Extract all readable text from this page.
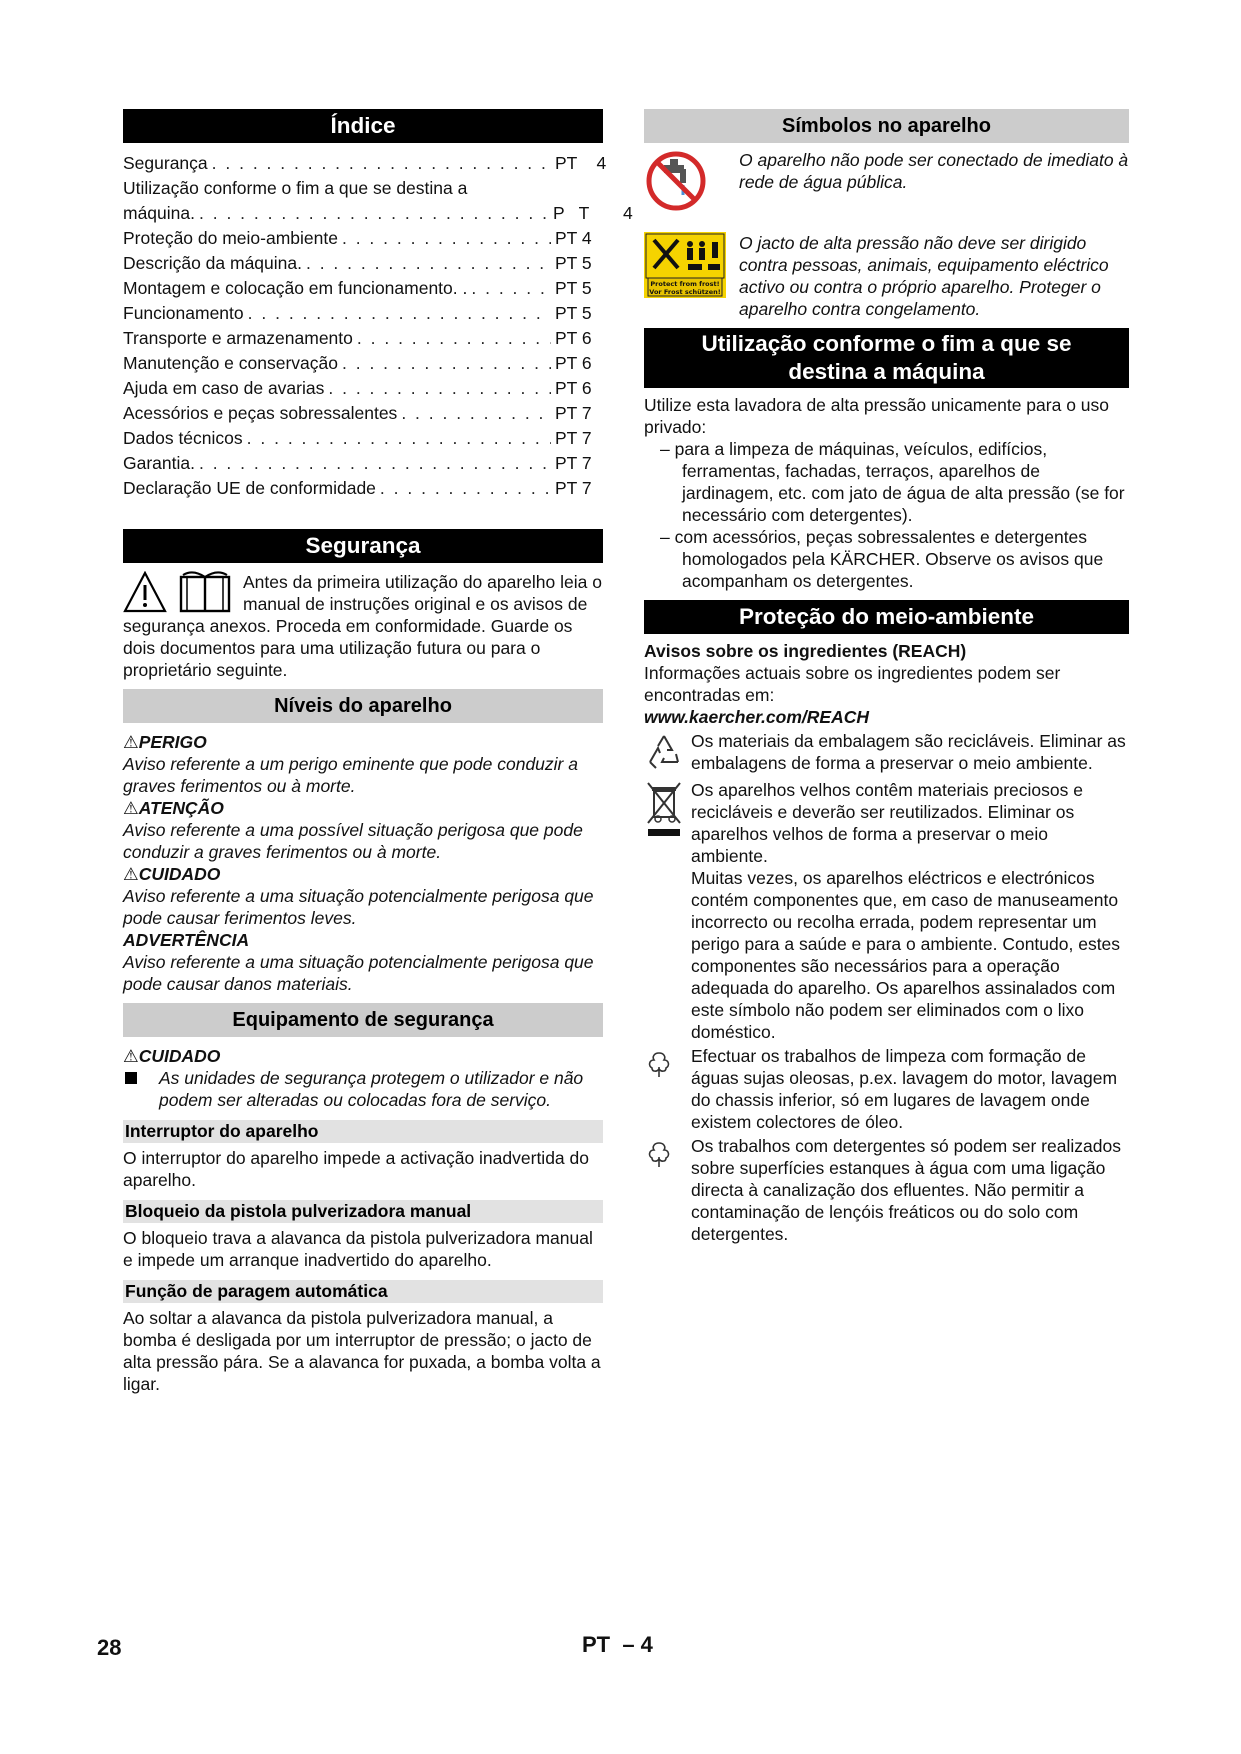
Índice
Segurança . . .	PT    4
Utilização conforme o fim a que se destina a
máquina. . . .	P   T       4
Proteção do meio-ambiente . . .	PT 4
Descrição da máquina. . . .	PT 5
Montagem e colocação em funcionamento. . . . .	PT 5
Funcionamento . . .	PT 5
Transporte e armazenamento . . .	PT 6
Manutenção e conservação . . .	PT 6
Ajuda em caso de avarias . . .	PT 6
Acessórios e peças sobressalentes . . .	PT 7
Dados técnicos . . .	PT 7
Garantia. . . .	PT 7
Declaração UE de conformidade . . .	PT 7
Segurança

Antes da primeira utilização do aparelho leia o manual de instruções original e os avisos de segurança anexos. Proceda em conformidade. Guarde os dois documentos para uma utilização futura ou para o proprietário seguinte.

Níveis do aparelho
⚠PERIGO

Aviso referente a um perigo eminente que pode conduzir a graves ferimentos ou à morte.

⚠ATENÇÃO

Aviso referente a uma possível situação perigosa que pode conduzir a graves ferimentos ou à morte.

⚠CUIDADO

Aviso referente a uma situação potencialmente perigosa que pode causar ferimentos leves.

ADVERTÊNCIA

Aviso referente a uma situação potencialmente perigosa que pode causar danos materiais.

Equipamento de segurança
⚠CUIDADO

As unidades de segurança protegem o utilizador e não podem ser alteradas ou colocadas fora de serviço.

Interruptor do aparelho

O interruptor do aparelho impede a activação inadvertida do aparelho.

Bloqueio da pistola pulverizadora manual

O bloqueio trava a alavanca da pistola pulverizadora manual e impede um arranque inadvertido do aparelho.

Função de paragem automática

Ao soltar a alavanca da pistola pulverizadora manual, a bomba é desligada por um interruptor de pressão; o jacto de alta pressão pára. Se a alavanca for puxada, a bomba volta a ligar.

Símbolos no aparelho

O aparelho não pode ser conectado de imediato à rede de água pública.

Protect from frost!
Vor Frost schützen!

O jacto de alta pressão não deve ser dirigido contra pessoas, animais, equipamento eléctrico activo ou contra o próprio aparelho. Proteger o aparelho contra congelamento.

Utilização conforme o fim a que se destina a máquina

Utilize esta lavadora de alta pressão unicamente para o uso privado:

– para a limpeza de máquinas, veículos, edifícios, ferramentas, fachadas, terraços, aparelhos de jardinagem, etc. com jato de água de alta pressão (se for necessário com detergentes).

– com acessórios, peças sobressalentes e detergentes homologados pela KÄRCHER. Observe os avisos que acompanham os detergentes.

Proteção do meio-ambiente
Avisos sobre os ingredientes (REACH)

Informações actuais sobre os ingredientes podem ser encontradas em:

www.kaercher.com/REACH

Os materiais da embalagem são recicláveis. Eliminar as embalagens de forma a preservar o meio ambiente.

Os aparelhos velhos contêm materiais preciosos e recicláveis e deverão ser reutilizados. Eliminar os aparelhos velhos de forma a preservar o meio ambiente.

Muitas vezes, os aparelhos eléctricos e electrónicos contém componentes que, em caso de manuseamento incorrecto ou recolha errada, podem representar um perigo para a saúde e para o ambiente. Contudo, estes componentes são necessários para a operação adequada do aparelho. Os aparelhos assinalados com este símbolo não podem ser eliminados com o lixo doméstico.

Efectuar os trabalhos de limpeza com formação de águas sujas oleosas, p.ex. lavagem do motor, lavagem do chassis inferior, só em lugares de lavagem onde existem colectores de óleo.

Os trabalhos com detergentes só podem ser realizados sobre superfícies estanques à água com uma ligação directa à canalização dos efluentes. Não permitir a contaminação de lençóis freáticos ou do solo com detergentes.

28	PT  – 4
